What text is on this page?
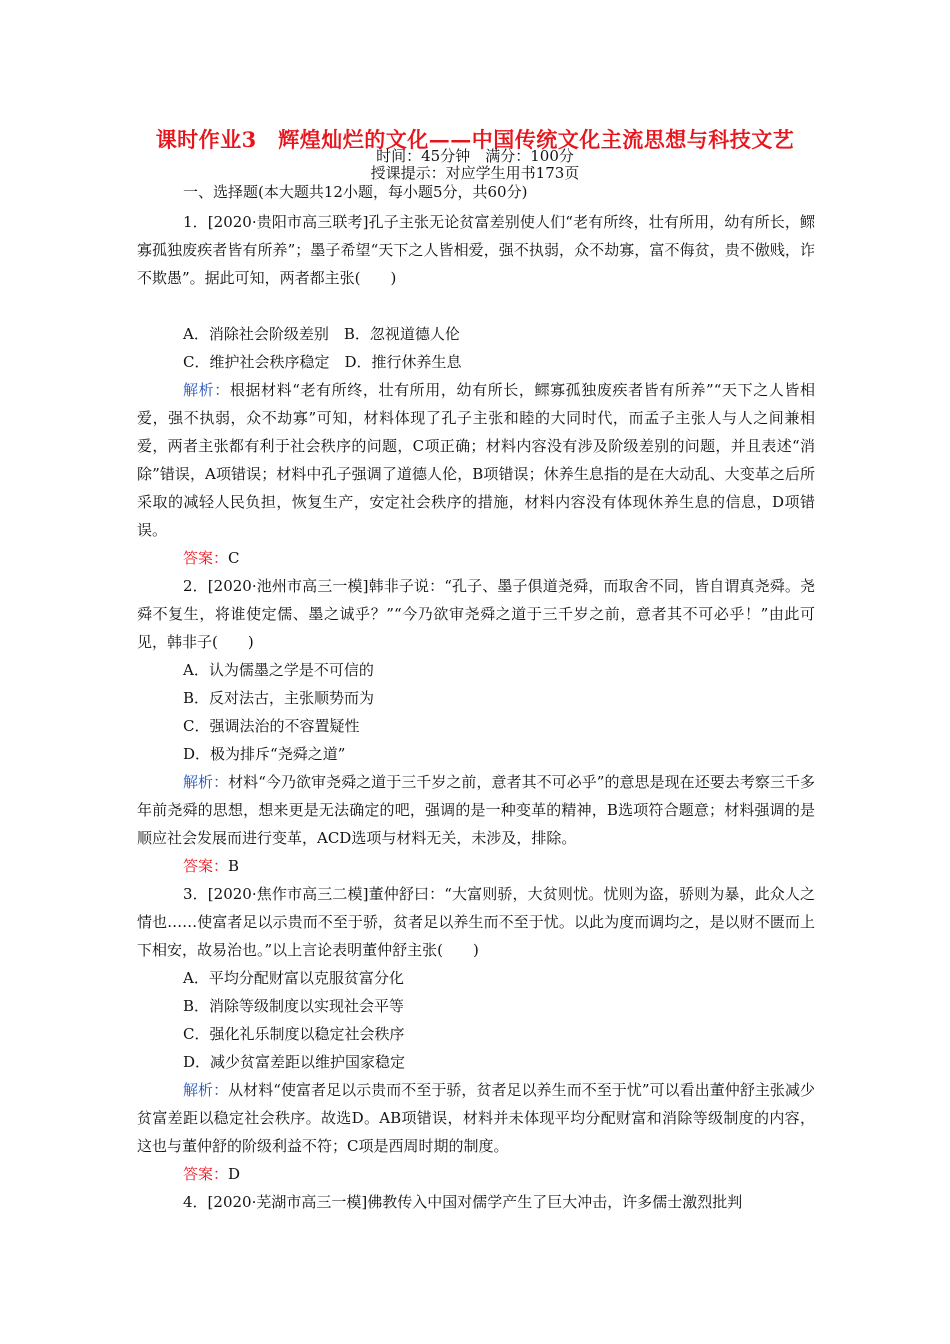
课时作业3　辉煌灿烂的文化——中国传统文化主流思想与科技文艺
时间：45分钟　满分：100分
授课提示：对应学生用书173页

一、选择题(本大题共12小题，每小题5分，共60分)

1．[2020·贵阳市高三联考]孔子主张无论贫富差别使人们“老有所终，壮有所用，幼有所长，鳏寡孤独废疾者皆有所养”；墨子希望“天下之人皆相爱，强不执弱，众不劫寡，富不侮贫，贵不傲贱，诈不欺愚”。据此可知，两者都主张(　　)

A．消除社会阶级差别　B．忽视道德人伦

C．维护社会秩序稳定　D．推行休养生息

解析：根据材料“老有所终，壮有所用，幼有所长，鳏寡孤独废疾者皆有所养”“天下之人皆相爱，强不执弱，众不劫寡”可知，材料体现了孔子主张和睦的大同时代，而孟子主张人与人之间兼相爱，两者主张都有利于社会秩序的问题，C项正确；材料内容没有涉及阶级差别的问题，并且表述“消除”错误，A项错误；材料中孔子强调了道德人伦，B项错误；休养生息指的是在大动乱、大变革之后所采取的减轻人民负担，恢复生产，安定社会秩序的措施，材料内容没有体现休养生息的信息，D项错误。

答案：C

2．[2020·池州市高三一模]韩非子说：“孔子、墨子俱道尧舜，而取舍不同，皆自谓真尧舜。尧舜不复生，将谁使定儒、墨之诚乎？”“今乃欲审尧舜之道于三千岁之前，意者其不可必乎！”由此可见，韩非子(　　)

A．认为儒墨之学是不可信的

B．反对法古，主张顺势而为

C．强调法治的不容置疑性

D．极为排斥“尧舜之道”

解析：材料“今乃欲审尧舜之道于三千岁之前，意者其不可必乎”的意思是现在还要去考察三千多年前尧舜的思想，想来更是无法确定的吧，强调的是一种变革的精神，B选项符合题意；材料强调的是顺应社会发展而进行变革，ACD选项与材料无关，未涉及，排除。

答案：B

3．[2020·焦作市高三二模]董仲舒曰：“大富则骄，大贫则忧。忧则为盗，骄则为暴，此众人之情也……使富者足以示贵而不至于骄，贫者足以养生而不至于忧。以此为度而调均之，是以财不匮而上下相安，故易治也。”以上言论表明董仲舒主张(　　)

A．平均分配财富以克服贫富分化

B．消除等级制度以实现社会平等

C．强化礼乐制度以稳定社会秩序

D．减少贫富差距以维护国家稳定

解析：从材料“使富者足以示贵而不至于骄，贫者足以养生而不至于忧”可以看出董仲舒主张减少贫富差距以稳定社会秩序。故选D。AB项错误，材料并未体现平均分配财富和消除等级制度的内容，这也与董仲舒的阶级利益不符；C项是西周时期的制度。

答案：D

4．[2020·芜湖市高三一模]佛教传入中国对儒学产生了巨大冲击，许多儒士激烈批判
